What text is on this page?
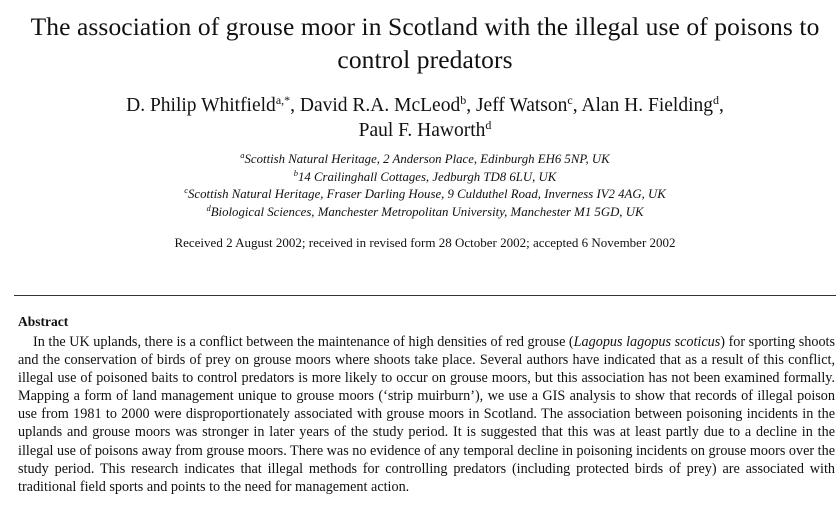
The association of grouse moor in Scotland with the illegal use of poisons to control predators
D. Philip Whitfield$^{a,*}$, David R.A. McLeod$^b$, Jeff Watson$^c$, Alan H. Fielding$^d$,
Paul F. Haworth$^d$
$^a$Scottish Natural Heritage, 2 Anderson Place, Edinburgh EH6 5NP, UK
$^b$14 Crailinghall Cottages, Jedburgh TD8 6LU, UK
$^c$Scottish Natural Heritage, Fraser Darling House, 9 Culduthel Road, Inverness IV2 4AG, UK
$^d$Biological Sciences, Manchester Metropolitan University, Manchester M1 5GD, UK
Received 2 August 2002; received in revised form 28 October 2002; accepted 6 November 2002
Abstract

In the UK uplands, there is a conflict between the maintenance of high densities of red grouse (Lagopus lagopus scoticus) for sporting shoots and the conservation of birds of prey on grouse moors where shoots take place. Several authors have indicated that as a result of this conflict, illegal use of poisoned baits to control predators is more likely to occur on grouse moors, but this association has not been examined formally. Mapping a form of land management unique to grouse moors (‘strip muirburn’), we use a GIS analysis to show that records of illegal poison use from 1981 to 2000 were disproportionately associated with grouse moors in Scotland. The association between poisoning incidents in the uplands and grouse moors was stronger in later years of the study period. It is suggested that this was at least partly due to a decline in the illegal use of poisons away from grouse moors. There was no evidence of any temporal decline in poisoning incidents on grouse moors over the study period. This research indicates that illegal methods for controlling predators (including protected birds of prey) are associated with traditional field sports and points to the need for management action.
